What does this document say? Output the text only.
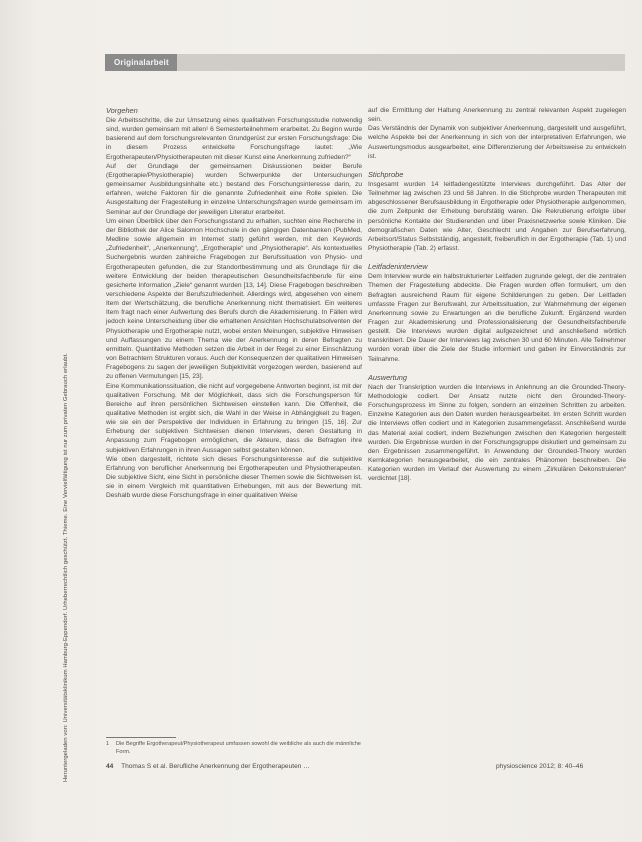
Originalarbeit
Heruntergeladen von: Universitätsklinikum Hamburg-Eppendorf. Urheberrechtlich geschützt. Thieme. Eine Vervielfältigung ist nur zum privaten Gebrauch erlaubt.
Vorgehen

Die Arbeitsschritte, die zur Umsetzung eines qualitativen Forschungsstudie notwendig sind, wurden gemeinsam mit allen¹ 6 Semesterteilnehmern erarbeitet. Zu Beginn wurde basierend auf dem forschungsrelevanten Grundgerüst zur ersten Forschungsfrage: Die in diesem Prozess entwickelte Forschungsfrage lautet: „Wie Ergotherapeuten/Physiotherapeuten mit dieser Kunst eine Anerkennung zufrieden?“

Auf der Grundlage der gemeinsamen Diskussionen beider Berufe (Ergotherapie/Physiotherapie) wurden Schwerpunkte der Untersuchungen gemeinsamer Ausbildungsinhalte etc.) bestand des Forschungsinteresse darin, zu erfahren, welche Faktoren für die genannte Zufriedenheit eine Rolle spielen. Die Ausgestaltung der Fragestellung in einzelne Unterschungsfragen wurde gemeinsam im Seminar auf der Grundlage der jeweiligen Literatur erarbeitet.

Um einen Überblick über den Forschungsstand zu erhalten, suchten eine Recherche in der Bibliothek der Alice Salomon Hochschule in den gängigen Datenbanken (PubMed, Medline sowie allgemein im Internet statt) geführt werden, mit den Keywords „Zufriedenheit“, „Anerkennung“, „Ergotherapie“ und „Physiotherapie“. Als kontextuelles Suchergebnis wurden zahlreiche Fragebogen zur Berufssituation von Physio- und Ergotherapeuten gefunden, die zur Standortbestimmung und als Grundlage für die weitere Entwicklung der beiden therapeutischen Gesundheitsfachberufe für eine gesicherte Information „Ziele“ genannt wurden [13, 14]. Diese Fragebogen beschreiben verschiedene Aspekte der Berufszufriedenheit. Allerdings wird, abgesehen von einem Item der Wertschätzung, die berufliche Anerkennung nicht thematisiert. Ein weiteres Item fragt nach einer Aufwertung des Berufs durch die Akademisierung. In Fällen wird jedoch keine Unterscheidung über die erhaltenen Ansichten Hochschulabsolventen der Physiotherapie und Ergotherapie nutzt, wobei ersten Meinungen, subjektive Hinweisen und Auffassungen zu einem Thema wie der Anerkennung in deren Befragten zu ermitteln. Quantitative Methoden setzen die Arbeit in der Regel zu einer Einschätzung von Betrachtern Strukturen voraus. Auch der Konsequenzen der qualitativen Hinweisen Fragebogens zu sagen der jeweiligen Subjektivität vorgezogen werden, basierend auf zu offenen Vermutungen [15, 23].

Eine Kommunikationssituation, die nicht auf vorgegebene Antworten beginnt, ist mit der qualitativen Forschung. Mit der Möglichkeit, dass sich die Forschungsperson für Bereiche auf ihren persönlichen Sichtweisen einstellen kann. Die Offenheit, die qualitative Methoden ist ergibt sich, die Wahl in der Weise in Abhängigkeit zu fragen, wie sie ein der Perspektive der Individuen in Erfahrung zu bringen [15, 16]. Zur Erhebung der subjektiven Sichtweisen dienen Interviews, deren Gestaltung in Anpassung zum Fragebogen ermöglichen, die Akteure, dass die Befragten ihre subjektiven Erfahrungen in ihren Aussagen selbst gestalten können.

Wie oben dargestellt, richtete sich dieses Forschungsinteresse auf die subjektive Erfahrung von beruflicher Anerkennung bei Ergotherapeuten und Physiotherapeuten. Die subjektive Sicht, eine Sicht in persönliche dieser Themen sowie die Sichtweisen ist, sie in einem Vergleich mit quantitativen Erhebungen, mit aus der Bewertung mit. Deshalb wurde diese Forschungsfrage in einer qualitativen Weise

auf die Ermittlung der Haltung Anerkennung zu zentral relevanten Aspekt zugelegen sein.

Das Verständnis der Dynamik von subjektiver Anerkennung, dargestellt und ausgeführt, welche Aspekte bei der Anerkennung in sich von der interpretativen Erfahrungen, wie Auswertungsmodus ausgearbeitet, eine Differenzierung der Arbeitsweise zu entwickeln ist.

Stichprobe

Insgesamt wurden 14 leitfadengestützte Interviews durchgeführt. Das Alter der Teilnehmer lag zwischen 23 und 58 Jahren. In die Stichprobe wurden Therapeuten mit abgeschlossener Berufsausbildung in Ergotherapie oder Physiotherapie aufgenommen, die zum Zeitpunkt der Erhebung berufstätig waren. Die Rekrutierung erfolgte über persönliche Kontakte der Studierenden und über Praxisnetzwerke sowie Kliniken. Die demografischen Daten wie Alter, Geschlecht und Angaben zur Berufserfahrung, Arbeitsort/Status Selbstständig, angestellt, freiberuflich in der Ergotherapie (Tab. 1) und Physiotherapie (Tab. 2) erfasst.

Leitfadeninterview

Dem Interview wurde ein halbstrukturierter Leitfaden zugrunde gelegt, der die zentralen Themen der Fragestellung abdeckte. Die Fragen wurden offen formuliert, um den Befragten ausreichend Raum für eigene Schilderungen zu geben. Der Leitfaden umfasste Fragen zur Berufswahl, zur Arbeitssituation, zur Wahrnehmung der eigenen Anerkennung sowie zu Erwartungen an die berufliche Zukunft. Ergänzend wurden Fragen zur Akademisierung und Professionalisierung der Gesundheitsfachberufe gestellt. Die Interviews wurden digital aufgezeichnet und anschließend wörtlich transkribiert. Die Dauer der Interviews lag zwischen 30 und 60 Minuten. Alle Teilnehmer wurden vorab über die Ziele der Studie informiert und gaben ihr Einverständnis zur Teilnahme.

Auswertung

Nach der Transkription wurden die Interviews in Anlehnung an die Grounded-Theory-Methodologie codiert. Der Ansatz nutzte nicht den Grounded-Theory-Forschungsprozess im Sinne zu folgen, sondern an einzelnen Schritten zu arbeiten. Einzelne Kategorien aus den Daten wurden herausgearbeitet. Im ersten Schritt wurden die Interviews offen codiert und in Kategorien zusammengefasst. Anschließend wurde das Material axial codiert, indem Beziehungen zwischen den Kategorien hergestellt wurden. Die Ergebnisse wurden in der Forschungsgruppe diskutiert und gemeinsam zu den Ergebnissen zusammengeführt. In Anwendung der Grounded-Theory wurden Kernkategorien herausgearbeitet, die ein zentrales Phänomen beschreiben. Die Kategorien wurden im Verlauf der Auswertung zu einem „Zirkulären Dekonstruieren“ verdichtet [18].

1	Die Begriffe Ergotherapeut/Physiotherapeut umfassen sowohl die weibliche als auch die männliche Form.
44 Thomas S et al. Berufliche Anerkennung der Ergotherapeuten …	physioscience 2012; 8: 40–46
